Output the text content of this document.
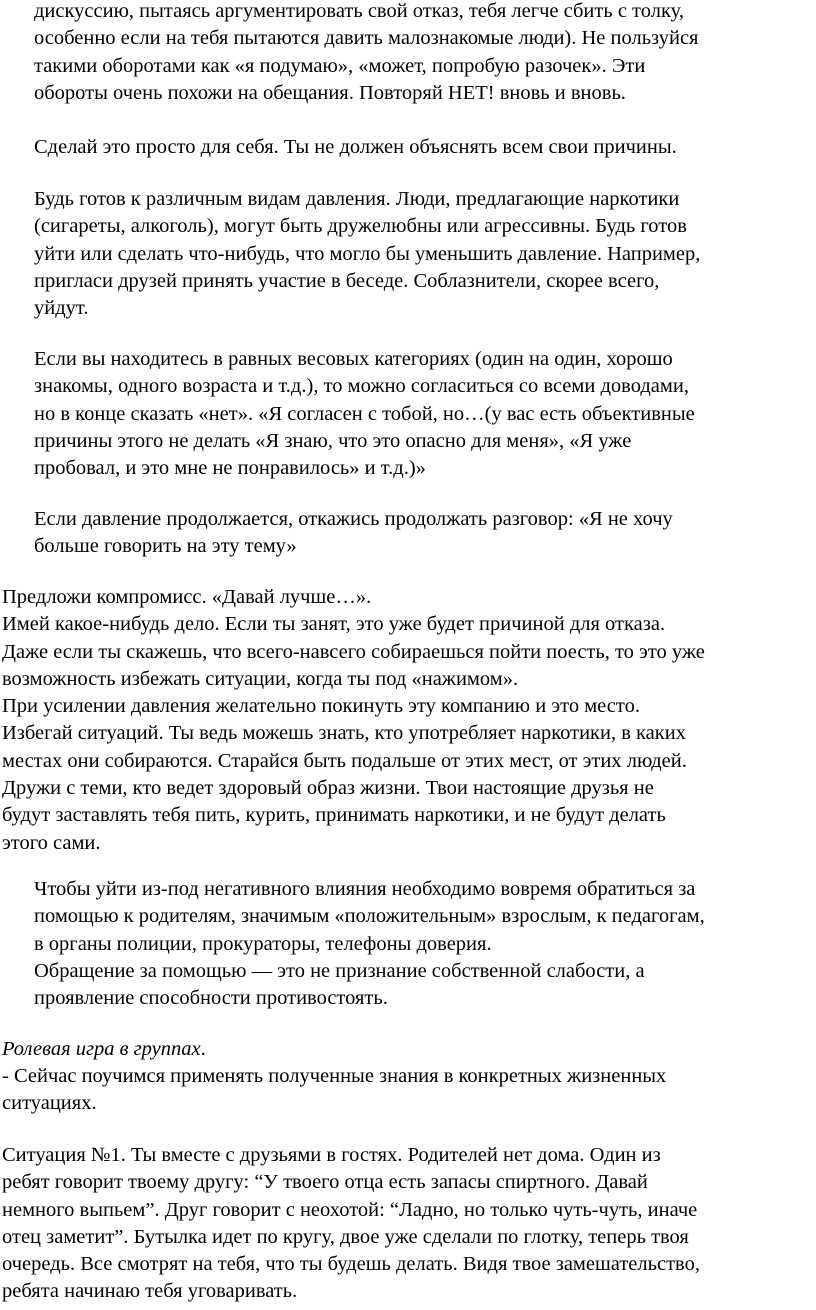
дискуссию, пытаясь аргументировать свой отказ, тебя легче сбить с толку,
особенно если на тебя пытаются давить малознакомые люди). Не пользуйся
такими оборотами как «я подумаю», «может, попробую разочек». Эти
обороты очень похожи на обещания. Повторяй НЕТ! вновь и вновь.
Сделай это просто для себя. Ты не должен объяснять всем свои причины.
Будь готов к различным видам давления. Люди, предлагающие наркотики
(сигареты, алкоголь), могут быть дружелюбны или агрессивны. Будь готов
уйти или сделать что-нибудь, что могло бы уменьшить давление. Например,
пригласи друзей принять участие в беседе. Соблазнители, скорее всего,
уйдут.
Если вы находитесь в равных весовых категориях (один на один, хорошо
знакомы, одного возраста и т.д.), то можно согласиться со всеми доводами,
но в конце сказать «нет». «Я согласен с тобой, но…(у вас есть объективные
причины этого не делать «Я знаю, что это опасно для меня», «Я уже
пробовал, и это мне не понравилось» и т.д.)»
Если давление продолжается, откажись продолжать разговор: «Я не хочу
больше говорить на эту тему»
Предложи компромисс. «Давай лучше…».
Имей какое-нибудь дело. Если ты занят, это уже будет причиной для отказа.
Даже если ты скажешь, что всего-навсего собираешься пойти поесть, то это уже
возможность избежать ситуации, когда ты под «нажимом».
При усилении давления желательно покинуть эту компанию и это место.
Избегай ситуаций. Ты ведь можешь знать, кто употребляет наркотики, в каких
местах они собираются. Старайся быть подальше от этих мест, от этих людей.
Дружи с теми, кто ведет здоровый образ жизни. Твои настоящие друзья не
будут заставлять тебя пить, курить, принимать наркотики, и не будут делать
этого сами.
Чтобы уйти из-под негативного влияния необходимо вовремя обратиться за
помощью к родителям, значимым «положительным» взрослым, к педагогам,
в органы полиции, прокураторы, телефоны доверия.
Обращение за помощью — это не признание собственной слабости, а
проявление способности противостоять.
Ролевая игра в группах.
- Сейчас поучимся применять полученные знания в конкретных жизненных
ситуациях.
Ситуация №1. Ты вместе с друзьями в гостях. Родителей нет дома. Один из
ребят говорит твоему другу: “У твоего отца есть запасы спиртного. Давай
немного выпьем”. Друг говорит с неохотой: “Ладно, но только чуть-чуть, иначе
отец заметит”. Бутылка идет по кругу, двое уже сделали по глотку, теперь твоя
очередь. Все смотрят на тебя, что ты будешь делать. Видя твое замешательство,
ребята начинаю тебя уговаривать.
